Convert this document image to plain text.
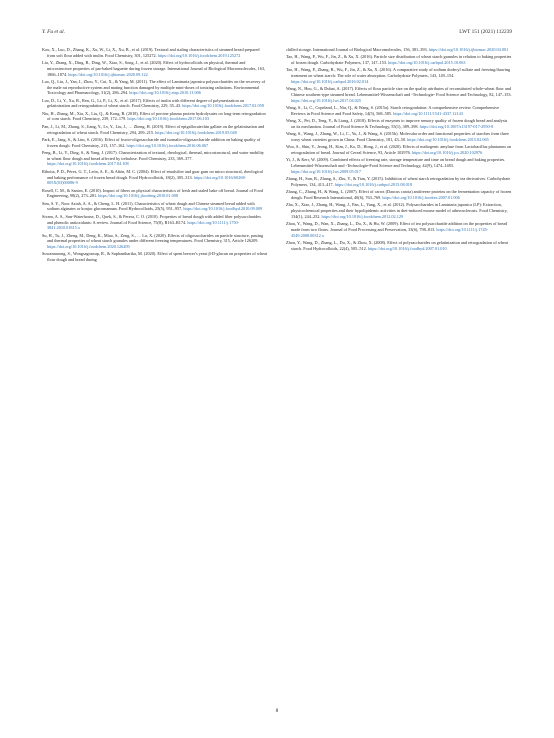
Y. Fu et al.	LWT 151 (2021) 112239

Kou, X., Luo, D., Zhang, K., Xu, W., Li, X., Xu, B., et al. (2019). Textural and staling characteristics of steamed bread prepared from soft flour added with inulin. Food Chemistry, 301, 125272. https://doi.org/10.1016/j.foodchem.2019.125272

Liu, Y., Zhang, X., Ding, B., Ding, W., Xiao, S., Song, J., et al. (2020). Effect of hydrocolloids on physical, thermal and microstructure properties of par-baked baguette during frozen storage. International Journal of Biological Macromolecules, 163, 1866–1874. https://doi.org/10.1016/j.ijbiomac.2020.09.122

Luo, Q., Liu, J., Yan, J., Zhou, Y., Cui, X., & Yang, M. (2011). The effect of Laminaria japonica polysaccharides on the recovery of the male rat reproductive system and mating function damaged by multiple mini-doses of ionizing radiations. Environmental Toxicology and Pharmacology, 31(2), 286–294. https://doi.org/10.1016/j.etap.2010.11.006

Luo, D., Li, Y., Xu, B., Ren, G., Li, P., Li, X., et al. (2017). Effects of inulin with different degree of polymerization on gelatinization and retrogradation of wheat starch. Food Chemistry, 229, 35–43. https://doi.org/10.1016/j.foodchem.2017.02.058

Niu, H., Zhang, M., Xia, X., Liu, Q., & Kong, B. (2018). Effect of porcine plasma protein hydrolysates on long-term retrogradation of corn starch. Food Chemistry, 239, 172–179. https://doi.org/10.1016/j.foodchem.2017.06.103

Pan, J., Li, M., Zhang, S., Jiang, Y., Lv, Y., Liu, J., … Zheng, H. (2019). Effect of epigallocatechin gallate on the gelatinisation and retrogradation of wheat starch. Food Chemistry, 294, 209–215. https://doi.org/10.1016/j.foodchem.2019.05.048

Park, E., Jang, S., & Lim, S. (2016). Effect of fructo-oligosaccharide and isomalto-oligosaccharide addition on baking quality of frozen dough. Food Chemistry, 213, 157–162. https://doi.org/10.1016/j.foodchem.2016.06.067

Peng, B., Li, Y., Ding, S., & Yang, J. (2017). Characterization of textural, rheological, thermal, microstructural, and water mobility in wheat flour dough and bread affected by trehalose. Food Chemistry, 233, 369–377. https://doi.org/10.1016/j.foodchem.2017.04.108

Ribotta, P. D., Pérez, G. T., León, A. E., & Añón, M. C. (2004). Effect of emulsifier and guar gum on micro structural, rheological and baking performance of frozen bread dough. Food Hydrocolloids, 18(2), 305–313. https://doi.org/10.1016/S0268-005X(03)00086-9

Rosell, C. M., & Santos, E. (2010). Impact of fibers on physical characteristics of fresh and staled bake off bread. Journal of Food Engineering, 98(2), 273–281. https://doi.org/10.1016/j.jfoodeng.2010.01.008

Sim, S. Y., Noor Aziah, A. A., & Cheng, L. H. (2011). Characteristics of wheat dough and Chinese steamed bread added with sodium alginates or konjac glucomannan. Food Hydrocolloids, 25(5), 951–957. https://doi.org/10.1016/j.foodhyd.2010.09.009

Sivam, A. S., Sun-Waterhouse, D., Quek, S., & Perera, C. O. (2010). Properties of bread dough with added fiber polysaccharides and phenolic antioxidants: A review. Journal of Food Science, 75(8), R163–R174. https://doi.org/10.1111/j.1750-3841.2010.01815.x

Su, H., Tu, J., Zheng, M., Deng, K., Miao, S., Zeng, S., … Lu, X. (2020). Effects of oligosaccharides on particle structure, pasting and thermal properties of wheat starch granules under different freezing temperatures. Food Chemistry, 315, Article 126209. https://doi.org/10.1016/j.foodchem.2020.126209

Suwannarong, S., Wongsagonsup, R., & Suphantharika, M. (2020). Effect of spent brewer's yeast β-D-glucan on properties of wheat flour dough and bread during

chilled storage. International Journal of Biological Macromolecules, 156, 381–393. https://doi.org/10.1016/j.ijbiomac.2020.04.001

Tao, H., Wang, P., Wu, F., Jin, Z., & Xu, X. (2016). Particle size distribution of wheat starch granules in relation to baking properties of frozen dough. Carbohydrate Polymers, 137, 147–153. https://doi.org/10.1016/j.carbpol.2015.10.063

Tao, H., Wang, P., Zhang, B., Wu, F., Jin, Z., & Xu, X. (2016). A comparative study of sodium dodecyl sulfate and freezing/thawing treatment on wheat starch: The role of water absorption. Carbohydrate Polymers, 143, 149–154. https://doi.org/10.1016/j.carbpol.2016.02.014

Wang, N., Hou, G., & Dubat, A. (2017). Effects of flour particle size on the quality attributes of reconstituted whole-wheat flour and Chinese southern-type steamed bread. Lebensmittel-Wissenschaft und -Technologie- Food Science and Technology, 82, 147–153. https://doi.org/10.1016/j.lwt.2017.04.025

Wang, S., Li, C., Copeland, L., Niu, Q., & Wang, S. (2015a). Starch retrogradation: A comprehensive review. Comprehensive Reviews in Food Science and Food Safety, 14(5), 568–585. https://doi.org/10.1111/1541-4337.12143

Wang, X., Pei, D., Teng, Y., & Liang, J. (2018). Effects of enzymes to improve sensory quality of frozen dough bread and analysis on its mechanism. Journal of Food Science & Technology, 55(1), 389–398. https://doi.org/10.1007/s13197-017-2950-8

Wang, S., Wang, J., Zhang, W., Li, C., Yu, J., & Wang, S. (2015b). Molecular order and functional properties of starches from three waxy wheat varieties grown in China. Food Chemistry, 181, 43–50. https://doi.org/10.1016/j.foodchem.2015.02.065

Woo, S., Shin, Y., Jeong, H., Kim, J., Ko, D., Hong, J., et al. (2020). Effects of maltogenic amylase from Lactobacillus plantarum on retrogradation of bread. Journal of Cereal Science, 93, Article 102976. https://doi.org/10.1016/j.jcs.2020.102976

Yi, J., & Kerr, W. (2009). Combined effects of freezing rate, storage temperature and time on bread dough and baking properties. Lebensmittel-Wissenschaft und -Technologie-Food Science and Technology, 42(9), 1474–1483. https://doi.org/10.1016/j.lwt.2009.05.017

Zhang, H., Sun, B., Zhang, S., Zhu, Y., & Tian, Y. (2015). Inhibition of wheat starch retrogradation by tea derivatives. Carbohydrate Polymers, 134, 413–417. https://doi.org/10.1016/j.carbpol.2015.08.018

Zhang, C., Zhang, H., & Wang, L. (2007). Effect of carrot (Daucus carota) antifreeze proteins on the fermentation capacity of frozen dough. Food Research International, 40(6), 763–769. https://doi.org/10.1016/j.foodres.2007.01.006

Zha, X., Xiao, J., Zhang, H., Wang, J., Pan, L., Yang, X., et al. (2012). Polysaccharides in Laminaria japonica (LP): Extraction, physicochemical properties and their hypolipidemic activities in diet-induced mouse model of atherosclerosis. Food Chemistry, 134(1), 244–252. https://doi.org/10.1016/j.foodchem.2012.02.129

Zhou, Y., Wang, D., Wan, X., Zhang, L., Du, X., & Hu, W. (2009). Effect of tea polysaccharide addition on the properties of bread made from two flours. Journal of Food Processing and Preservation, 33(6), 798–813. https://doi.org/10.1111/j.1745-4549.2008.00312.x

Zhou, Y., Wang, D., Zhang, L., Du, X., & Zhou, X. (2008). Effect of polysaccharides on gelatinization and retrogradation of wheat starch. Food Hydrocolloids, 22(4), 505–512. https://doi.org/10.1016/j.foodhyd.2007.01.010

8
